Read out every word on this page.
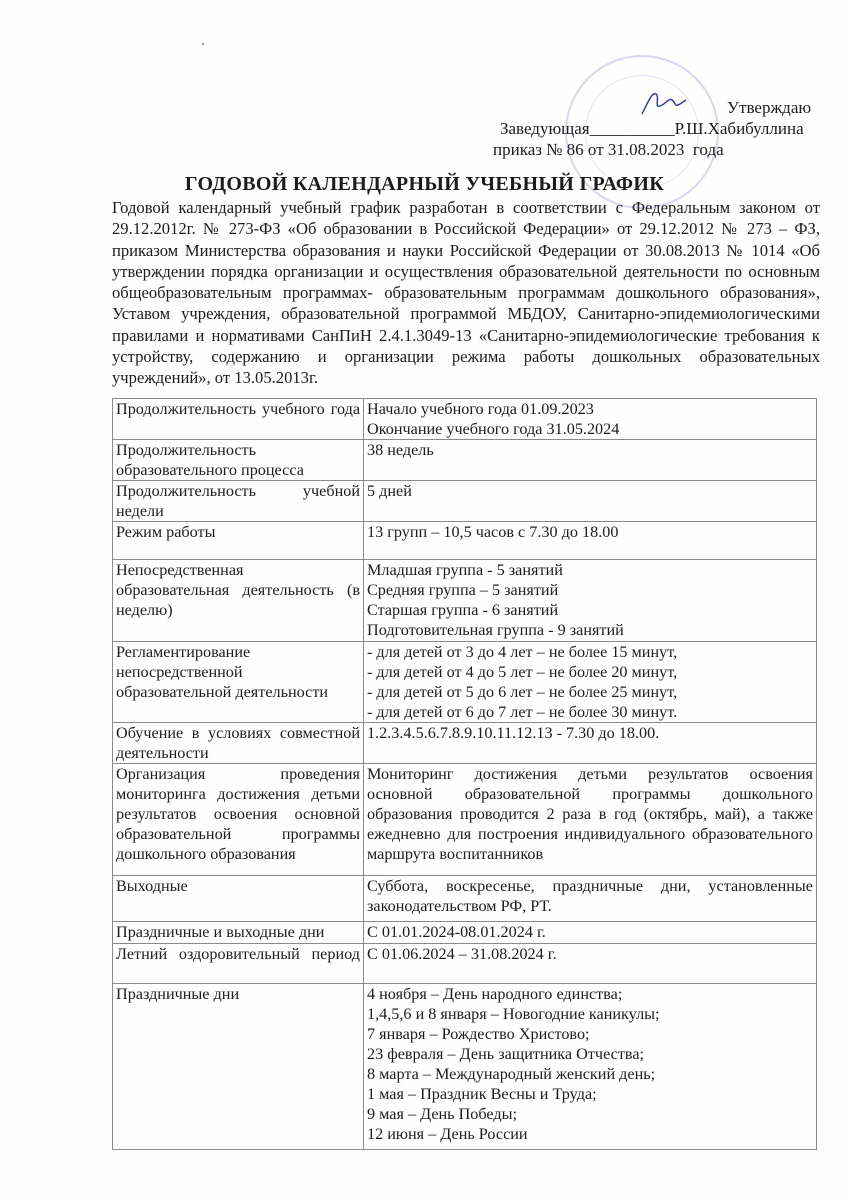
Утверждаю
Заведующая__________Р.Ш.Хабибуллина
приказ № 86 от 31.08.2023  года
ГОДОВОЙ КАЛЕНДАРНЫЙ УЧЕБНЫЙ ГРАФИК
Годовой календарный учебный график разработан в соответствии с Федеральным законом от 29.12.2012г. № 273-ФЗ «Об образовании в Российской Федерации» от 29.12.2012 № 273 – ФЗ, приказом Министерства образования и науки Российской Федерации от 30.08.2013 № 1014 «Об утверждении порядка организации и осуществления образовательной деятельности по основным общеобразовательным программах- образовательным программам дошкольного образования», Уставом учреждения, образовательной программой МБДОУ, Санитарно-эпидемиологическими правилами и нормативами СанПиН 2.4.1.3049-13 «Санитарно-эпидемиологические требования к устройству, содержанию и организации режима работы дошкольных образовательных учреждений», от 13.05.2013г.
Продолжительность учебного года	Начало учебного года 01.09.2023
Окончание учебного года 31.05.2024

Продолжительность образовательного процесса	38 недель

Продолжительность учебной недели	5 дней

Режим работы	13 групп – 10,5 часов с 7.30 до 18.00

Непосредственная образовательная деятельность (в неделю)	Младшая группа - 5 занятий
Средняя группа – 5 занятий
Старшая группа - 6 занятий
Подготовительная группа - 9 занятий

Регламентирование непосредственной образовательной деятельности	- для детей от 3 до 4 лет – не более 15 минут,
- для детей от 4 до 5 лет – не более 20 минут,
- для детей от 5 до 6 лет – не более 25 минут,
- для детей от 6 до 7 лет – не более 30 минут.

Обучение в условиях совместной деятельности	1.2.3.4.5.6.7.8.9.10.11.12.13 - 7.30 до 18.00.

Организация проведения мониторинга достижения детьми результатов освоения основной образовательной программы дошкольного образования	Мониторинг достижения детьми результатов освоения основной образовательной программы дошкольного образования проводится 2 раза в год (октябрь, май), а также ежедневно для построения индивидуального образовательного маршрута воспитанников

Выходные	Суббота, воскресенье, праздничные дни, установленные законодательством РФ, РТ.

Праздничные и выходные дни	С 01.01.2024-08.01.2024 г.

Летний оздоровительный период	С 01.06.2024 – 31.08.2024 г.

Праздничные дни	4 ноября – День народного единства;
1,4,5,6 и 8 января – Новогодние каникулы;
7 января – Рождество Христово;
23 февраля – День защитника Отчества;
8 марта – Международный женский день;
1 мая – Праздник Весны и Труда;
9 мая – День Победы;
12 июня – День России
